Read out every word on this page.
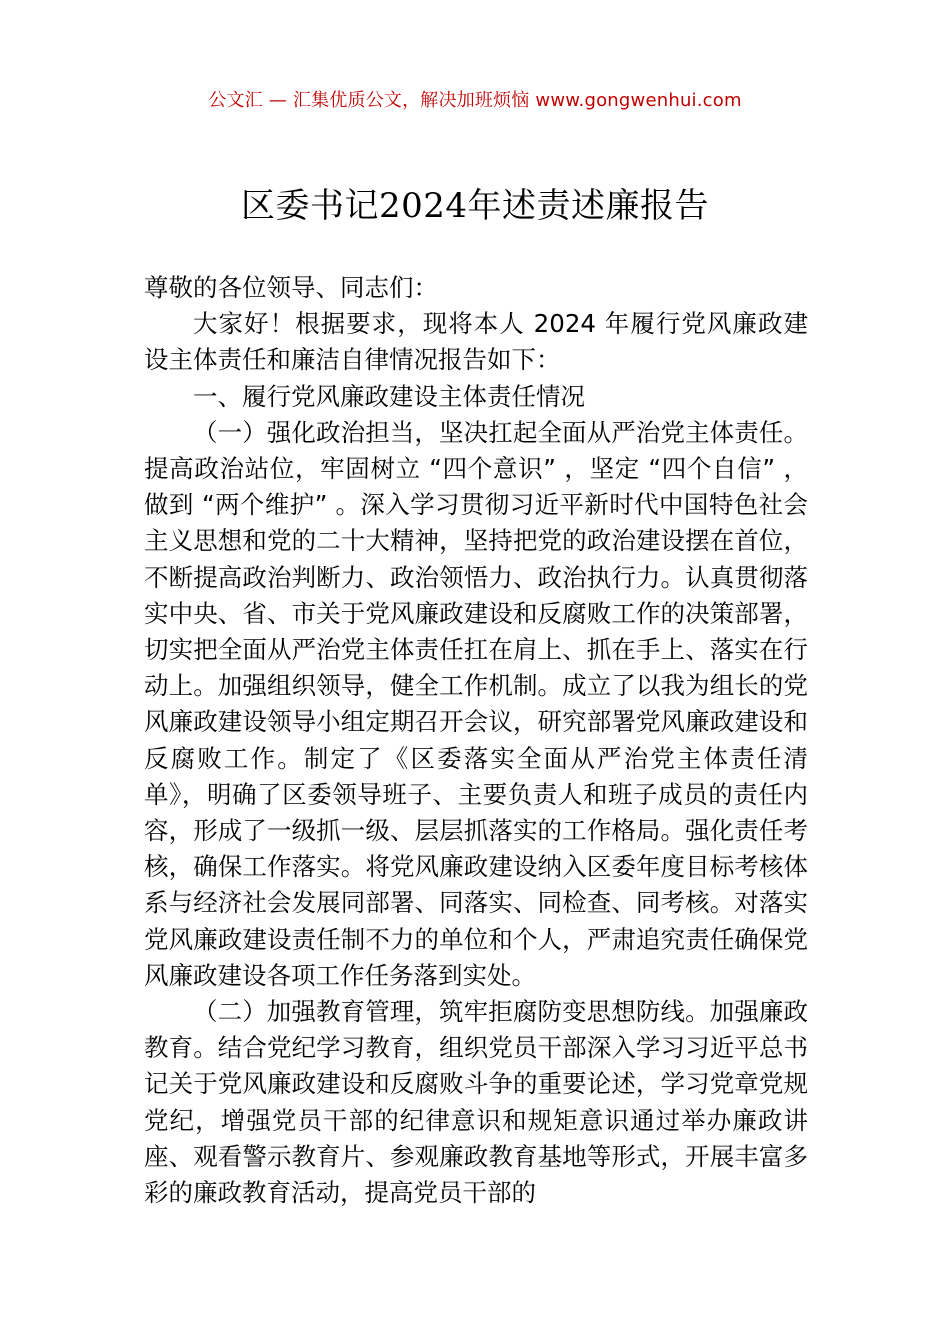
公文汇 — 汇集优质公文，解决加班烦恼 www.gongwenhui.com
区委书记2024年述责述廉报告

尊敬的各位领导、同志们：

大家好！根据要求，现将本人 2024 年履行党风廉政建设主体责任和廉洁自律情况报告如下：

一、履行党风廉政建设主体责任情况

（一）强化政治担当，坚决扛起全面从严治党主体责任。提高政治站位，牢固树立 “四个意识” ，坚定 “四个自信” ，做到 “两个维护” 。深入学习贯彻习近平新时代中国特色社会主义思想和党的二十大精神，坚持把党的政治建设摆在首位，不断提高政治判断力、政治领悟力、政治执行力。认真贯彻落实中央、省、市关于党风廉政建设和反腐败工作的决策部署，切实把全面从严治党主体责任扛在肩上、抓在手上、落实在行动上。加强组织领导，健全工作机制。成立了以我为组长的党风廉政建设领导小组定期召开会议，研究部署党风廉政建设和反腐败工作。制定了《区委落实全面从严治党主体责任清单》，明确了区委领导班子、主要负责人和班子成员的责任内容，形成了一级抓一级、层层抓落实的工作格局。强化责任考核，确保工作落实。将党风廉政建设纳入区委年度目标考核体系与经济社会发展同部署、同落实、同检查、同考核。对落实党风廉政建设责任制不力的单位和个人，严肃追究责任确保党风廉政建设各项工作任务落到实处。

（二）加强教育管理，筑牢拒腐防变思想防线。加强廉政教育。结合党纪学习教育，组织党员干部深入学习习近平总书记关于党风廉政建设和反腐败斗争的重要论述，学习党章党规党纪，增强党员干部的纪律意识和规矩意识通过举办廉政讲座、观看警示教育片、参观廉政教育基地等形式，开展丰富多彩的廉政教育活动，提高党员干部的
